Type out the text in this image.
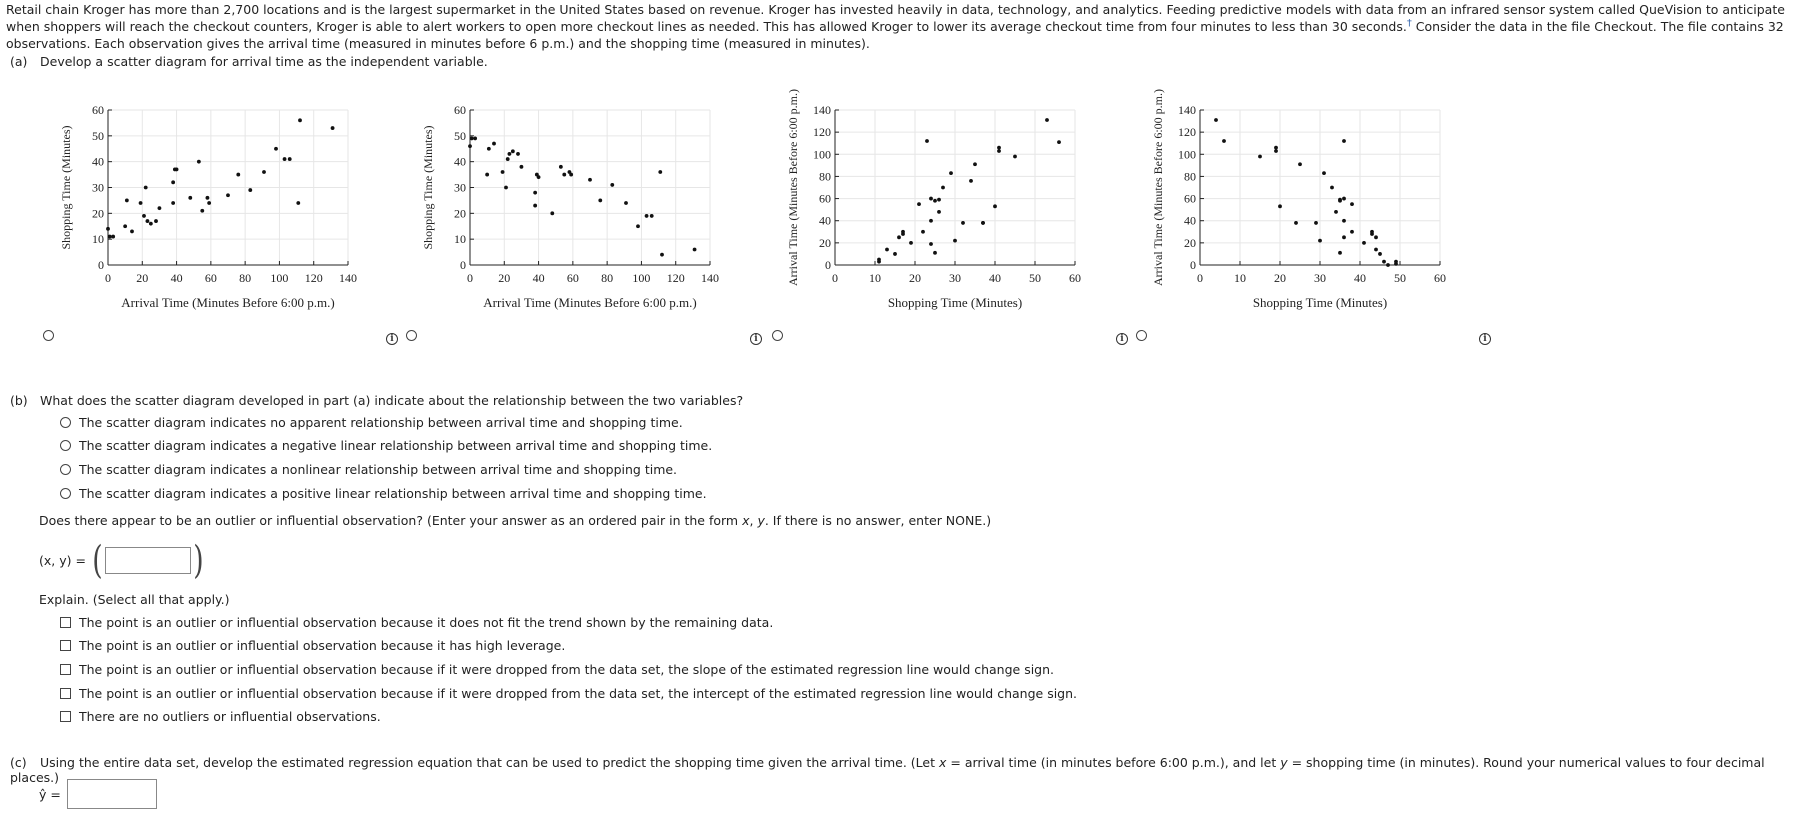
Retail chain Kroger has more than 2,700 locations and is the largest supermarket in the United States based on revenue. Kroger has invested heavily in data, technology, and analytics. Feeding predictive models with data from an infrared sensor system called QueVision to anticipate when shoppers will reach the checkout counters, Kroger is able to alert workers to open more checkout lines as needed. This has allowed Kroger to lower its average checkout time from four minutes to less than 30 seconds.† Consider the data in the file Checkout. The file contains 32 observations. Each observation gives the arrival time (measured in minutes before 6 p.m.) and the shopping time (measured in minutes).
(a) Develop a scatter diagram for arrival time as the independent variable.
0
10
20
30
40
50
60
0 20 40 60 80 100 120 140
Arrival Time (Minutes Before 6:00 p.m.)
Shopping Time (Minutes)
0
10
20
30
40
50
60
0 20 40 60 80 100 120 140
Arrival Time (Minutes Before 6:00 p.m.)
Shopping Time (Minutes)
0
20
40
60
80
100
120
140
0	10 20 30 40 50 60
Shopping Time (Minutes)
Arrival Time (Minutes Before 6:00 p.m.)	0
20
40
60
80
100
120
140
0	10 20 30 40 50 60
Shopping Time (Minutes)
Arrival Time (Minutes Before 6:00 p.m.)
i	i	i	i
(b) What does the scatter diagram developed in part (a) indicate about the relationship between the two variables?
The scatter diagram indicates no apparent relationship between arrival time and shopping time.
The scatter diagram indicates a negative linear relationship between arrival time and shopping time.
The scatter diagram indicates a nonlinear relationship between arrival time and shopping time.
The scatter diagram indicates a positive linear relationship between arrival time and shopping time.
Does there appear to be an outlier or influential observation? (Enter your answer as an ordered pair in the form x, y. If there is no answer, enter NONE.)
(x, y) = ( )
Explain. (Select all that apply.)
The point is an outlier or influential observation because it does not fit the trend shown by the remaining data.
The point is an outlier or influential observation because it has high leverage.
The point is an outlier or influential observation because if it were dropped from the data set, the slope of the estimated regression line would change sign.
The point is an outlier or influential observation because if it were dropped from the data set, the intercept of the estimated regression line would change sign.
There are no outliers or influential observations.
(c) Using the entire data set, develop the estimated regression equation that can be used to predict the shopping time given the arrival time. (Let x = arrival time (in minutes before 6:00 p.m.), and let y = shopping time (in minutes). Round your numerical values to four decimal places.)
ŷ =
